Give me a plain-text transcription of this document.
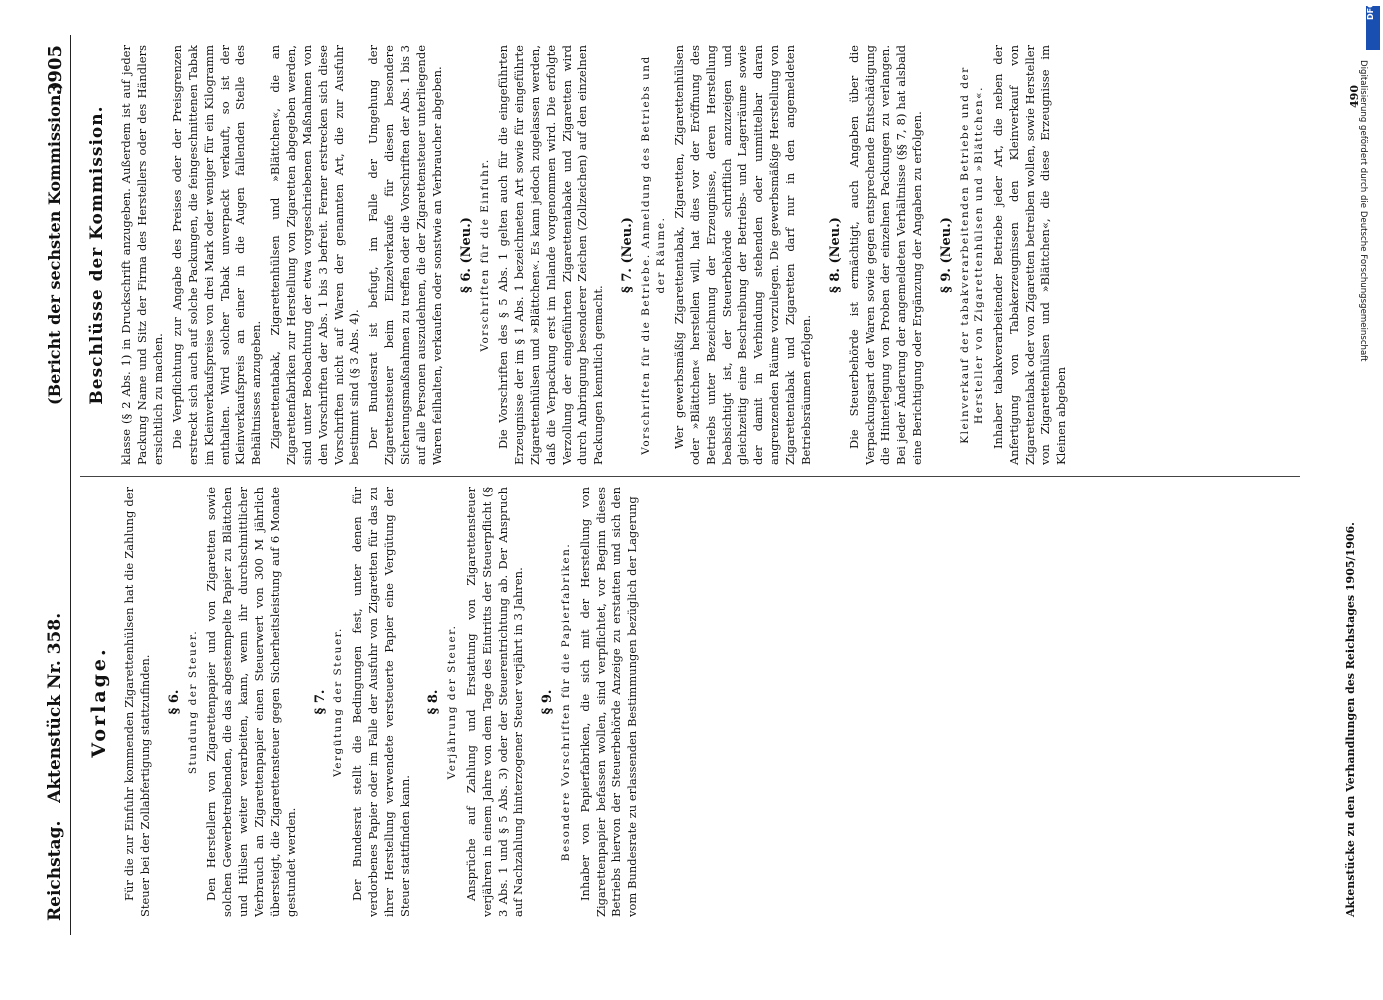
Reichstag.   Aktenstück Nr. 358.
(Bericht der sechsten Kommission.)
3905
Vorlage. Für die zur Einfuhr kommenden Zigarettenhülsen hat die Zahlung der Steuer bei der Zollabfertigung stattzufinden. § 6. Stundung der Steuer. Den Herstellern von Zigarettenpapier und von Zigaretten sowie solchen Gewerbetreibenden, die das abgestempelte Papier zu Blättchen und Hülsen weiter verarbeiten, kann, wenn ihr durchschnittlicher Verbrauch an Zigarettenpapier einen Steuerwert von 300 M jährlich übersteigt, die Zigarettensteuer gegen Sicherheitsleistung auf 6 Monate gestundet werden.

§ 7. Vergütung der Steuer. Der Bundesrat stellt die Bedingungen fest, unter denen für verdorbenes Papier oder im Falle der Ausfuhr von Zigaretten für das zu ihrer Herstellung verwendete versteuerte Papier eine Vergütung der Steuer stattfinden kann.

§ 8. Verjährung der Steuer. Ansprüche auf Zahlung und Erstattung von Zigarettensteuer verjähren in einem Jahre von dem Tage des Eintritts der Steuerpflicht (§ 3 Abs. 1 und § 5 Abs. 3) oder der Steuerentrichtung ab. Der Anspruch auf Nachzahlung hinterzogener Steuer verjährt in 3 Jahren. § 9. Besondere Vorschriften für die Papierfabriken. Inhaber von Papierfabriken, die sich mit der Herstellung von Zigarettenpapier befassen wollen, sind verpflichtet, vor Beginn dieses Betriebs hiervon der Steuerbehörde Anzeige zu erstatten und sich den vom Bundesrate zu erlassenden Bestimmungen bezüglich der Lagerung

Beschlüsse der Kommission. klasse (§ 2 Abs. 1) in Druckschrift anzugeben. Außerdem ist auf jeder Packung Name und Sitz der Firma des Herstellers oder des Händlers ersichtlich zu machen. Die Verpflichtung zur Angabe des Preises oder der Preisgrenzen erstreckt sich auch auf solche Packungen, die feingeschnittenen Tabak im Kleinverkaufspreise von drei Mark oder weniger für ein Kilogramm enthalten. Wird solcher Tabak unverpackt verkauft, so ist der Kleinverkaufspreis an einer in die Augen fallenden Stelle des Behältnisses anzugeben. Zigarettentabak, Zigarettenhülsen und »Blättchen«, die an Zigarettenfabriken zur Herstellung von Zigaretten abgegeben werden, sind unter Beobachtung der etwa vorgeschriebenen Maßnahmen von den Vorschriften der Abs. 1 bis 3 befreit. Ferner erstrecken sich diese Vorschriften nicht auf Waren der genannten Art, die zur Ausfuhr bestimmt sind (§ 3 Abs. 4). Der Bundesrat ist befugt, im Falle der Umgehung der Zigarettensteuer beim Einzelverkaufe für diesen besondere Sicherungsmaßnahmen zu treffen oder die Vorschriften der Abs. 1 bis 3 auf alle Personen auszudehnen, die der Zigarettensteuer unterliegende Waren feilhalten, verkaufen oder sonstwie an Verbraucher abgeben. § 6. (Neu.) Vorschriften für die Einfuhr. Die Vorschriften des § 5 Abs. 1 gelten auch für die eingeführten Erzeugnisse der im § 1 Abs. 1 bezeichneten Art sowie für eingeführte Zigarettenhülsen und »Blättchen«. Es kann jedoch zugelassen werden, daß die Verpackung erst im Inlande vorgenommen wird. Die erfolgte Verzollung der eingeführten Zigarettentabake und Zigaretten wird durch Anbringung besonderer Zeichen (Zollzeichen) auf den einzelnen Packungen kenntlich gemacht.

§ 7. (Neu.) Vorschriften für die Betriebe. Anmeldung des Betriebs und der Räume. Wer gewerbsmäßig Zigarettentabak, Zigaretten, Zigarettenhülsen oder »Blättchen« herstellen will, hat dies vor der Eröffnung des Betriebs unter Bezeichnung der Erzeugnisse, deren Herstellung beabsichtigt ist, der Steuerbehörde schriftlich anzuzeigen und gleichzeitig eine Beschreibung der Betriebs- und Lagerräume sowie der damit in Verbindung stehenden oder unmittelbar daran angrenzenden Räume vorzulegen. Die gewerbsmäßige Herstellung von Zigarettentabak und Zigaretten darf nur in den angemeldeten Betriebsräumen erfolgen.

§ 8. (Neu.) Die Steuerbehörde ist ermächtigt, auch Angaben über die Verpackungsart der Waren sowie gegen entsprechende Entschädigung die Hinterlegung von Proben der einzelnen Packungen zu verlangen. Bei jeder Änderung der angemeldeten Verhältnisse (§§ 7, 8) hat alsbald eine Berichtigung oder Ergänzung der Angaben zu erfolgen. § 9. (Neu.) Kleinverkauf der tabakverarbeitenden Betriebe und der Hersteller von Zigarettenhülsen und »Blättchen«. Inhaber tabakverarbeitender Betriebe jeder Art, die neben der Anfertigung von Tabakerzeugnissen den Kleinverkauf von Zigarettentabak oder von Zigaretten betreiben wollen, sowie Hersteller von Zigarettenhülsen und »Blättchen«, die diese Erzeugnisse im Kleinen abgeben

Aktenstücke zu den Verhandlungen des Reichstages 1905/1906.
490
DFG
Digitalisierung gefördert durch die Deutsche Forschungsgemeinschaft
